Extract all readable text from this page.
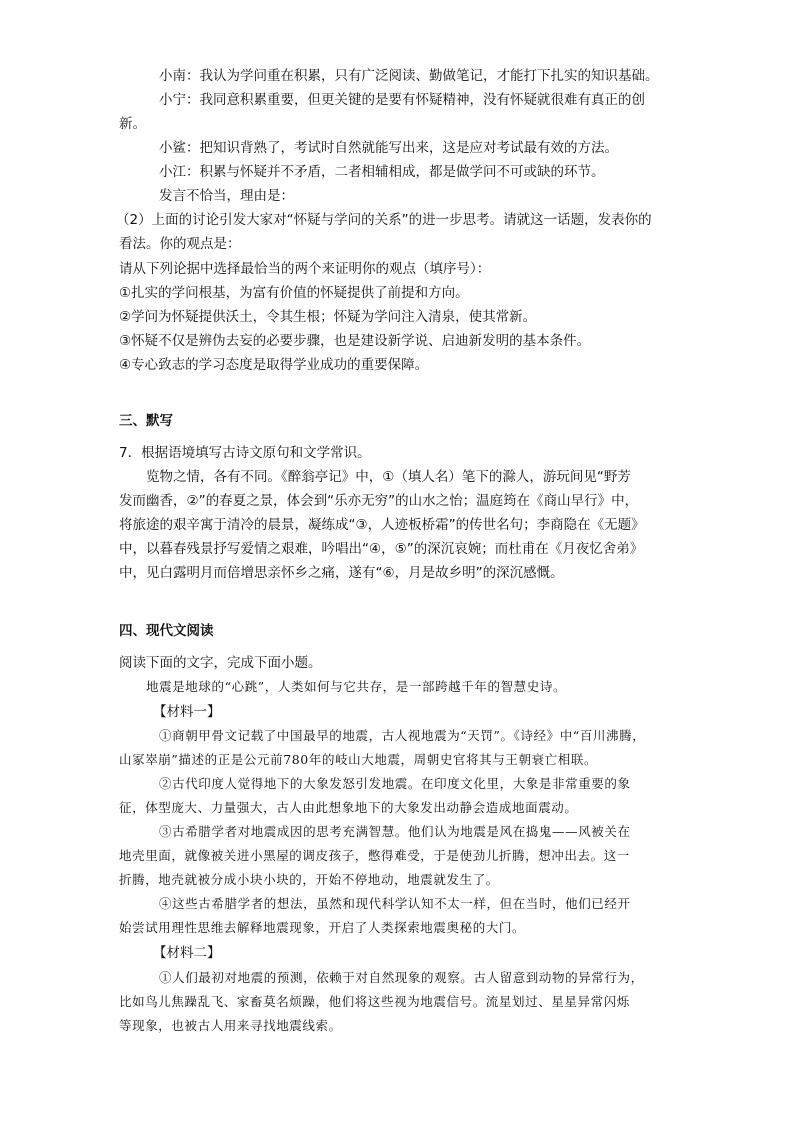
小南：我认为学问重在积累，只有广泛阅读、勤做笔记，才能打下扎实的知识基础。
小宁：我同意积累重要，但更关键的是要有怀疑精神，没有怀疑就很难有真正的创
新。
小鲨：把知识背熟了，考试时自然就能写出来，这是应对考试最有效的方法。
小江：积累与怀疑并不矛盾，二者相辅相成，都是做学问不可或缺的环节。
发言不恰当，理由是：
（2）上面的讨论引发大家对“怀疑与学问的关系”的进一步思考。请就这一话题，发表你的
看法。你的观点是：
请从下列论据中选择最恰当的两个来证明你的观点（填序号）：
①扎实的学问根基，为富有价值的怀疑提供了前提和方向。
②学问为怀疑提供沃土，令其生根；怀疑为学问注入清泉，使其常新。
③怀疑不仅是辨伪去妄的必要步骤，也是建设新学说、启迪新发明的基本条件。
④专心致志的学习态度是取得学业成功的重要保障。
三、默写
7．根据语境填写古诗文原句和文学常识。
览物之情，各有不同。《醉翁亭记》中，①（填人名）笔下的滁人，游玩间见“野芳
发而幽香，②”的春夏之景，体会到“乐亦无穷”的山水之怡；温庭筠在《商山早行》中，
将旅途的艰辛寓于清冷的晨景，凝练成“③，人迹板桥霜”的传世名句；李商隐在《无题》
中，以暮春残景抒写爱情之艰难，吟唱出“④，⑤”的深沉哀婉；而杜甫在《月夜忆舍弟》
中，见白露明月而倍增思亲怀乡之痛，遂有“⑥，月是故乡明”的深沉感慨。
四、现代文阅读
阅读下面的文字，完成下面小题。
地震是地球的“心跳”，人类如何与它共存，是一部跨越千年的智慧史诗。
【材料一】
①商朝甲骨文记载了中国最早的地震，古人视地震为“天罚”。《诗经》中“百川沸腾，
山冢崒崩”描述的正是公元前780年的岐山大地震，周朝史官将其与王朝衰亡相联。
②古代印度人觉得地下的大象发怒引发地震。在印度文化里，大象是非常重要的象
征，体型庞大、力量强大，古人由此想象地下的大象发出动静会造成地面震动。
③古希腊学者对地震成因的思考充满智慧。他们认为地震是风在捣鬼——风被关在
地壳里面，就像被关进小黑屋的调皮孩子，憋得难受，于是使劲儿折腾，想冲出去。这一
折腾，地壳就被分成小块小块的，开始不停地动，地震就发生了。
④这些古希腊学者的想法，虽然和现代科学认知不太一样，但在当时，他们已经开
始尝试用理性思维去解释地震现象，开启了人类探索地震奥秘的大门。
【材料二】
①人们最初对地震的预测，依赖于对自然现象的观察。古人留意到动物的异常行为，
比如鸟儿焦躁乱飞、家畜莫名烦躁，他们将这些视为地震信号。流星划过、星星异常闪烁
等现象，也被古人用来寻找地震线索。
